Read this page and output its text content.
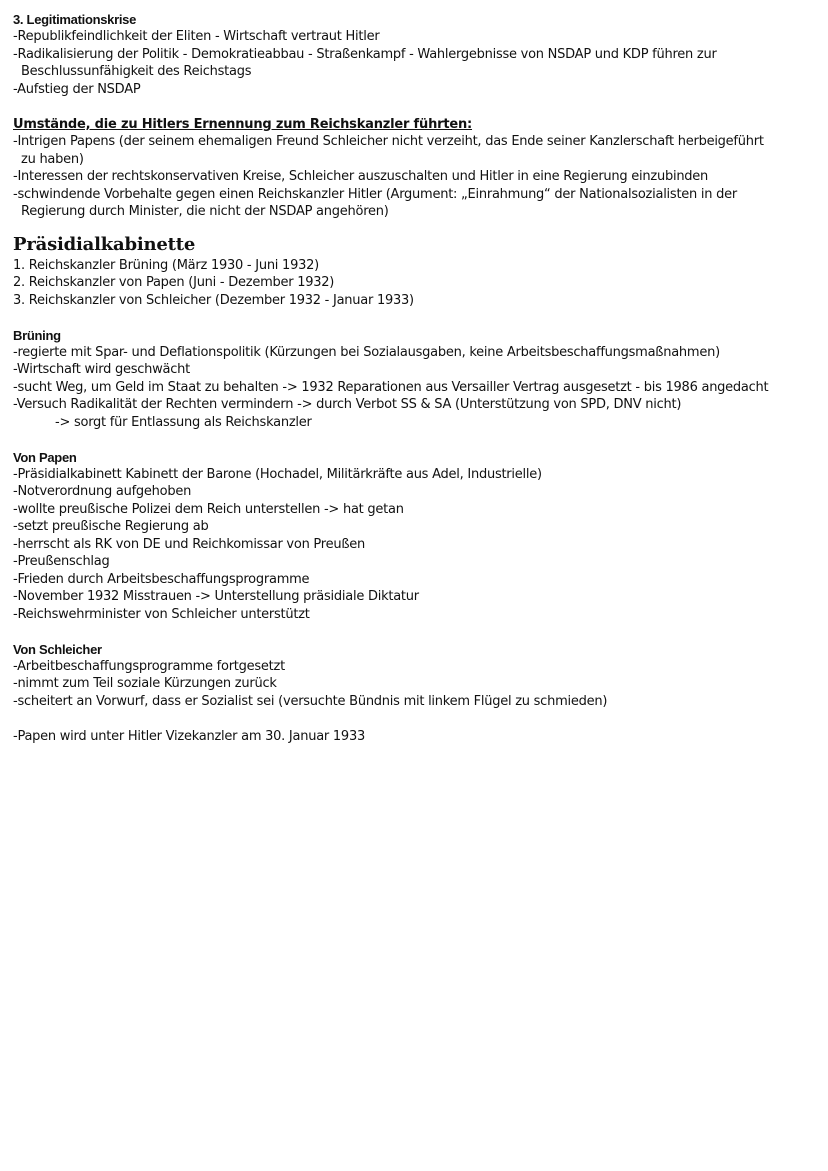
3. Legitimationskrise

-Republikfeindlichkeit der Eliten - Wirtschaft vertraut Hitler

-Radikalisierung der Politik - Demokratieabbau - Straßenkampf - Wahlergebnisse von NSDAP und KDP führen zur

Beschlussunfähigkeit des Reichstags

-Aufstieg der NSDAP

Umstände, die zu Hitlers Ernennung zum Reichskanzler führten:

-Intrigen Papens (der seinem ehemaligen Freund Schleicher nicht verzeiht, das Ende seiner Kanzlerschaft herbeigeführt

zu haben)

-Interessen der rechtskonservativen Kreise, Schleicher auszuschalten und Hitler in eine Regierung einzubinden

-schwindende Vorbehalte gegen einen Reichskanzler Hitler (Argument: „Einrahmung“ der Nationalsozialisten in der

Regierung durch Minister, die nicht der NSDAP angehören)

Präsidialkabinette

1. Reichskanzler Brüning (März 1930 - Juni 1932)

2. Reichskanzler von Papen (Juni - Dezember 1932)

3. Reichskanzler von Schleicher (Dezember 1932 - Januar 1933)

Brüning

-regierte mit Spar- und Deflationspolitik (Kürzungen bei Sozialausgaben, keine Arbeitsbeschaffungsmaßnahmen)

-Wirtschaft wird geschwächt

-sucht Weg, um Geld im Staat zu behalten -> 1932 Reparationen aus Versailler Vertrag ausgesetzt - bis 1986 angedacht

-Versuch Radikalität der Rechten vermindern -> durch Verbot SS & SA (Unterstützung von SPD, DNV nicht)

-> sorgt für Entlassung als Reichskanzler

Von Papen

-Präsidialkabinett Kabinett der Barone (Hochadel, Militärkräfte aus Adel, Industrielle)

-Notverordnung aufgehoben

-wollte preußische Polizei dem Reich unterstellen -> hat getan

-setzt preußische Regierung ab

-herrscht als RK von DE und Reichkomissar von Preußen

-Preußenschlag

-Frieden durch Arbeitsbeschaffungsprogramme

-November 1932 Misstrauen -> Unterstellung präsidiale Diktatur

-Reichswehrminister von Schleicher unterstützt

Von Schleicher

-Arbeitbeschaffungsprogramme fortgesetzt

-nimmt zum Teil soziale Kürzungen zurück

-scheitert an Vorwurf, dass er Sozialist sei (versuchte Bündnis mit linkem Flügel zu schmieden)

-Papen wird unter Hitler Vizekanzler am 30. Januar 1933
